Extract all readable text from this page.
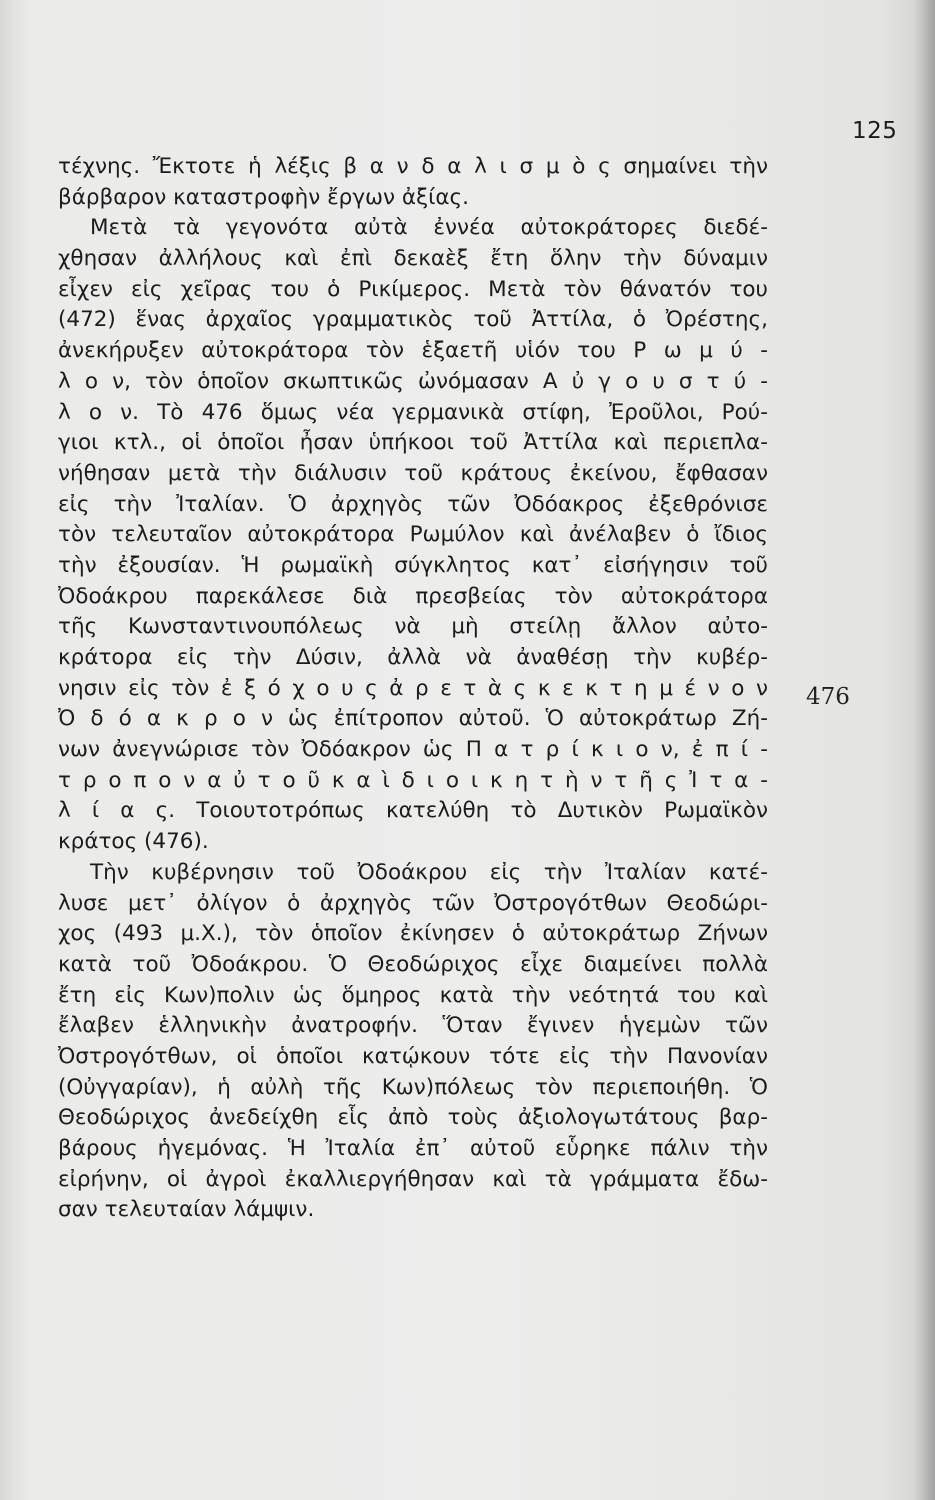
125
τέχνης. Ἔκτοτε ἡ λέξις β α ν δ α λ ι σ μ ὸ ς σημαίνει τὴν
βάρβαρον καταστροφὴν ἔργων ἀξίας.
Μετὰ τὰ γεγονότα αὐτὰ ἐννέα αὐτοκράτορες διεδέ-
χθησαν ἀλλήλους καὶ ἐπὶ δεκαὲξ ἔτη ὅλην τὴν δύναμιν
εἶχεν εἰς χεῖρας του ὁ Ρικίμερος. Μετὰ τὸν θάνατόν του
(472) ἕνας ἀρχαῖος γραμματικὸς τοῦ Ἀττίλα, ὁ Ὀρέστης,
ἀνεκήρυξεν αὐτοκράτορα τὸν ἑξαετῆ υἱόν του Ρ ω μ ύ -
λ ο ν, τὸν ὁποῖον σκωπτικῶς ὠνόμασαν Α ὐ γ ο υ σ τ ύ -
λ ο ν. Τὸ 476 ὅμως νέα γερμανικὰ στίφη, Ἐροῦλοι, Ρού-
γιοι κτλ., οἱ ὁποῖοι ἦσαν ὑπήκοοι τοῦ Ἀττίλα καὶ περιεπλα-
νήθησαν μετὰ τὴν διάλυσιν τοῦ κράτους ἐκείνου, ἔφθασαν
εἰς τὴν Ἰταλίαν. Ὁ ἀρχηγὸς τῶν Ὀδόακρος ἐξεθρόνισε
τὸν τελευταῖον αὐτοκράτορα Ρωμύλον καὶ ἀνέλαβεν ὁ ἴδιος
τὴν ἐξουσίαν. Ἡ ρωμαϊκὴ σύγκλητος κατ᾽ εἰσήγησιν τοῦ
Ὀδοάκρου παρεκάλεσε διὰ πρεσβείας τὸν αὐτοκράτορα
τῆς Κωνσταντινουπόλεως νὰ μὴ στείλῃ ἄλλον αὐτο-
κράτορα εἰς τὴν Δύσιν, ἀλλὰ νὰ ἀναθέσῃ τὴν κυβέρ-
νησιν εἰς τὸν ἐ ξ ό χ ο υ ς ἀ ρ ε τ ὰ ς κ ε κ τ η μ έ ν ο ν
Ὀ δ ό α κ ρ ο ν ὡς ἐπίτροπον αὐτοῦ. Ὁ αὐτοκράτωρ Ζή-
νων ἀνεγνώρισε τὸν Ὀδόακρον ὡς Π α τ ρ ί κ ι ο ν, ἐ π ί -
τ ρ ο π ο ν α ὐ τ ο ῦ κ α ὶ δ ι ο ι κ η τ ὴ ν τ ῆ ς Ἰ τ α -
λ ί α ς. Τοιουτοτρόπως κατελύθη τὸ Δυτικὸν Ρωμαϊκὸν
κράτος (476).
Τὴν κυβέρνησιν τοῦ Ὀδοάκρου εἰς τὴν Ἰταλίαν κατέ-
λυσε μετ᾽ ὀλίγον ὁ ἀρχηγὸς τῶν Ὀστρογότθων Θεοδώρι-
χος (493 μ.Χ.), τὸν ὁποῖον ἐκίνησεν ὁ αὐτοκράτωρ Ζήνων
κατὰ τοῦ Ὀδοάκρου. Ὁ Θεοδώριχος εἶχε διαμείνει πολλὰ
ἔτη εἰς Κων)πολιν ὡς ὅμηρος κατὰ τὴν νεότητά του καὶ
ἔλαβεν ἑλληνικὴν ἀνατροφήν. Ὅταν ἔγινεν ἡγεμὼν τῶν
Ὀστρογότθων, οἱ ὁποῖοι κατῴκουν τότε εἰς τὴν Πανονίαν
(Οὐγγαρίαν), ἡ αὐλὴ τῆς Κων)πόλεως τὸν περιεποιήθη. Ὁ
Θεοδώριχος ἀνεδείχθη εἷς ἀπὸ τοὺς ἀξιολογωτάτους βαρ-
βάρους ἡγεμόνας. Ἡ Ἰταλία ἐπ᾽ αὐτοῦ εὗρηκε πάλιν τὴν
εἰρήνην, οἱ ἀγροὶ ἐκαλλιεργήθησαν καὶ τὰ γράμματα ἔδω-
σαν τελευταίαν λάμψιν.
476
